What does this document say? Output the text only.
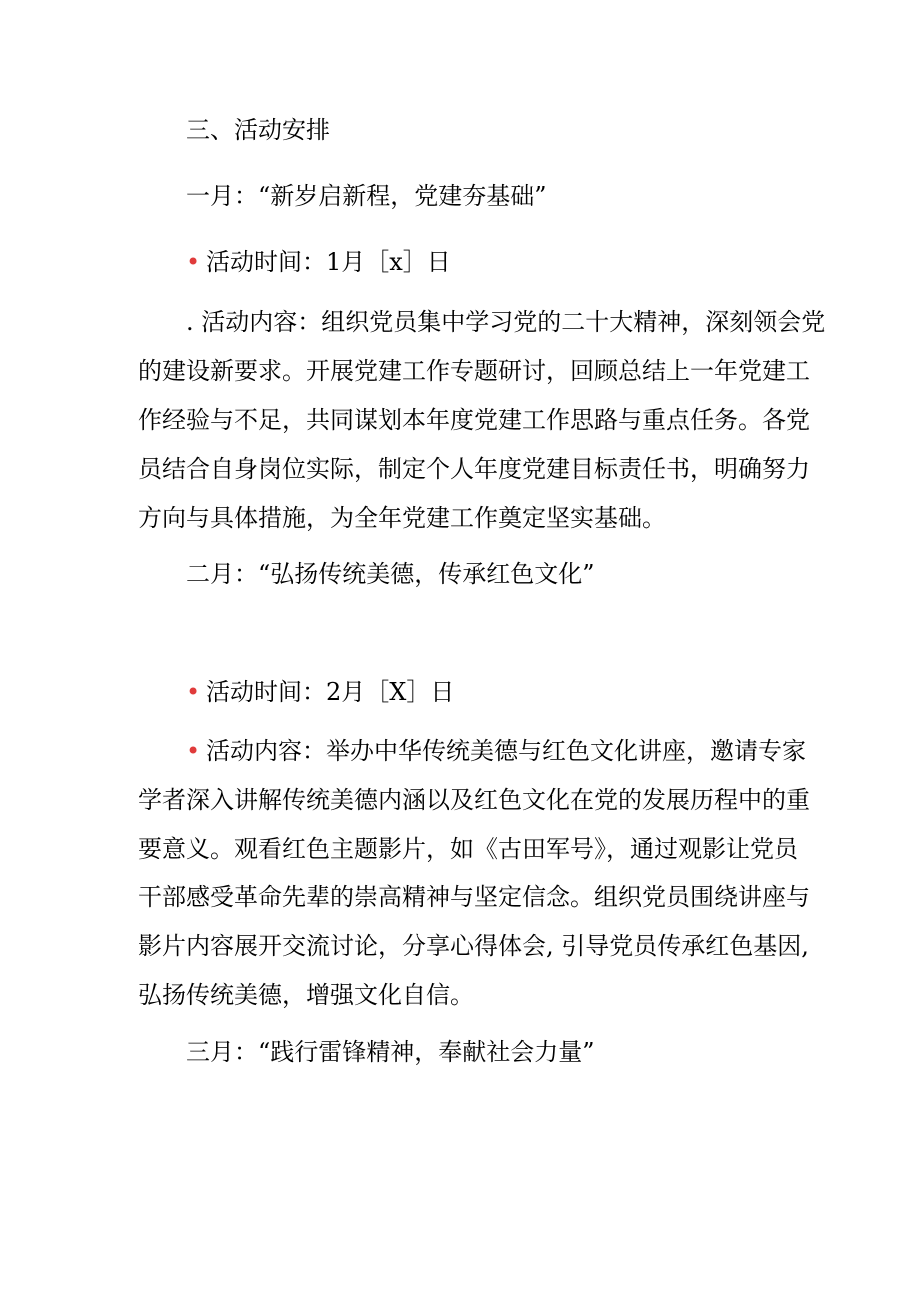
三、活动安排
一月：“新岁启新程，党建夯基础”
• 活动时间：1月［x］日
. 活动内容：组织党员集中学习党的二十大精神，深刻领会党
的建设新要求。开展党建工作专题研讨，回顾总结上一年党建工
作经验与不足，共同谋划本年度党建工作思路与重点任务。各党
员结合自身岗位实际，制定个人年度党建目标责任书，明确努力
方向与具体措施，为全年党建工作奠定坚实基础。
二月：“弘扬传统美德，传承红色文化”
• 活动时间：2月［X］日
• 活动内容：举办中华传统美德与红色文化讲座，邀请专家
学者深入讲解传统美德内涵以及红色文化在党的发展历程中的重
要意义。观看红色主题影片，如《古田军号》，通过观影让党员
干部感受革命先辈的崇高精神与坚定信念。组织党员围绕讲座与
影片内容展开交流讨论，分享心得体会, 引导党员传承红色基因,
弘扬传统美德，增强文化自信。
三月：“践行雷锋精神，奉献社会力量”
